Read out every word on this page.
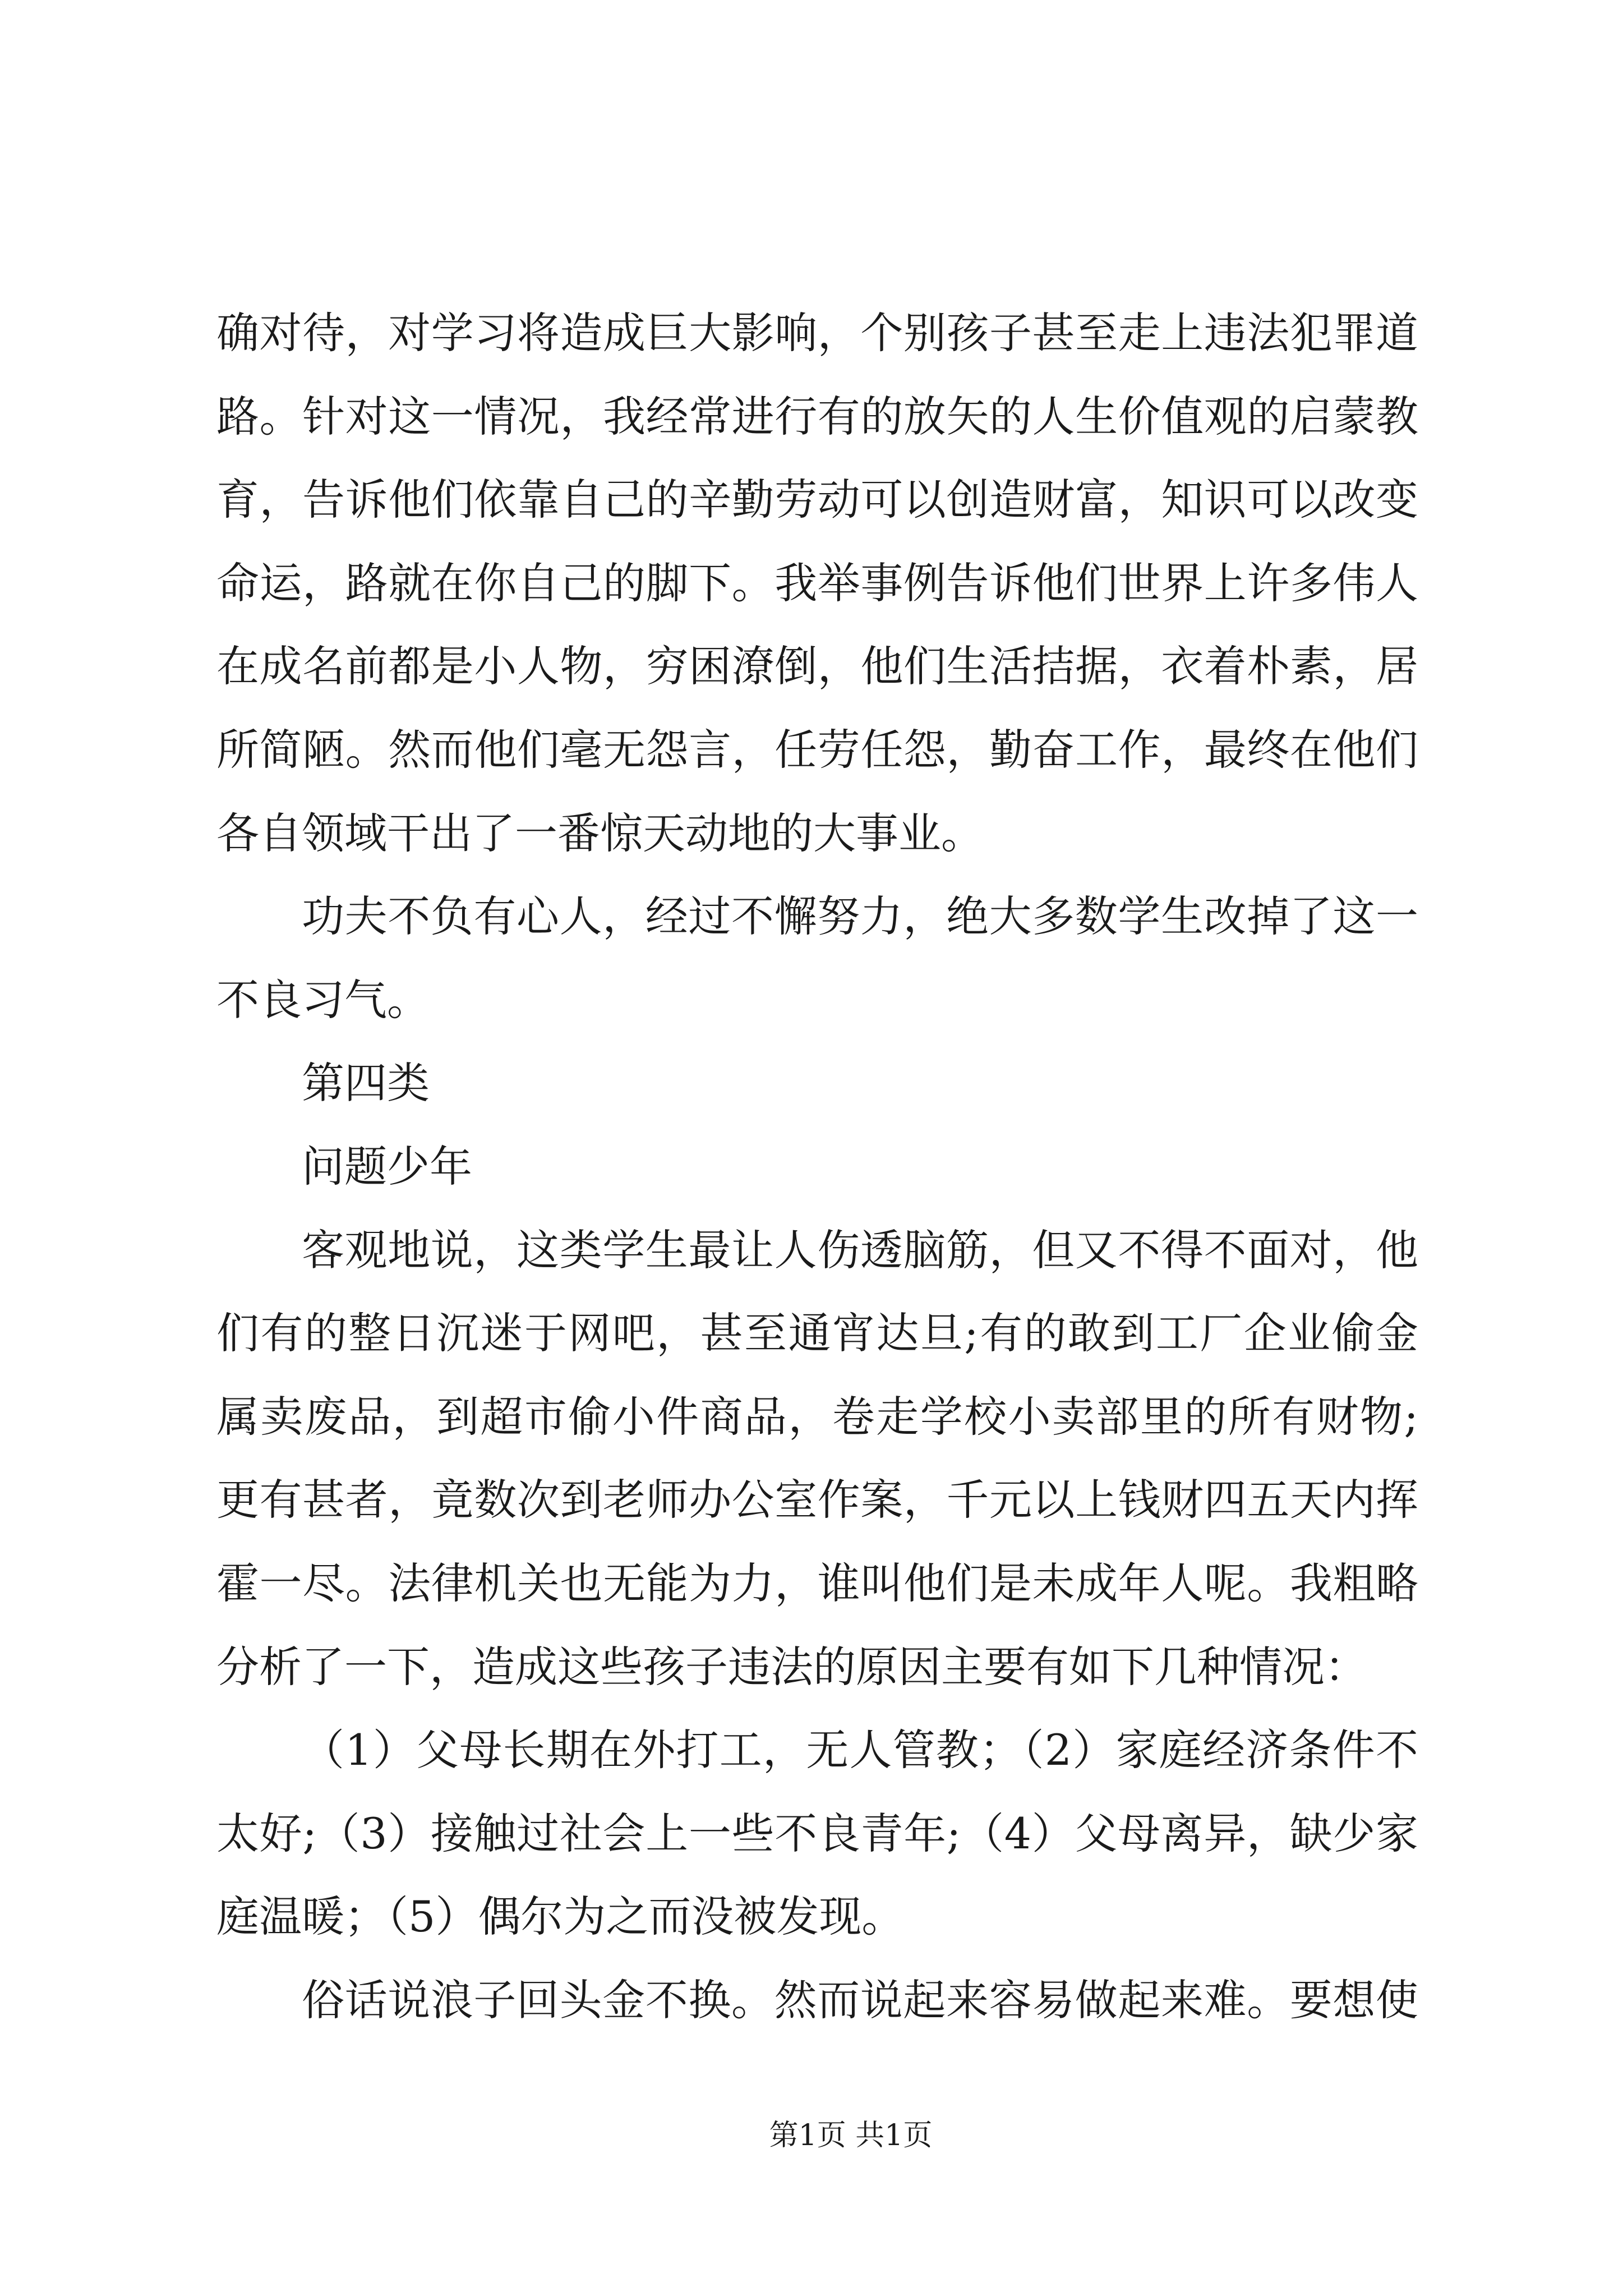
确对待，对学习将造成巨大影响，个别孩子甚至走上违法犯罪道
路。针对这一情况，我经常进行有的放矢的人生价值观的启蒙教
育，告诉他们依靠自己的辛勤劳动可以创造财富，知识可以改变
命运，路就在你自己的脚下。我举事例告诉他们世界上许多伟人
在成名前都是小人物，穷困潦倒，他们生活拮据，衣着朴素，居
所简陋。然而他们毫无怨言，任劳任怨，勤奋工作，最终在他们
各自领域干出了一番惊天动地的大事业。
功夫不负有心人，经过不懈努力，绝大多数学生改掉了这一
不良习气。
第四类
问题少年
客观地说，这类学生最让人伤透脑筋，但又不得不面对，他
们有的整日沉迷于网吧，甚至通宵达旦;有的敢到工厂企业偷金
属卖废品，到超市偷小件商品，卷走学校小卖部里的所有财物;
更有甚者，竟数次到老师办公室作案，千元以上钱财四五天内挥
霍一尽。法律机关也无能为力，谁叫他们是未成年人呢。我粗略
分析了一下，造成这些孩子违法的原因主要有如下几种情况：
（1）父母长期在外打工，无人管教；（2）家庭经济条件不
太好;（3）接触过社会上一些不良青年;（4）父母离异，缺少家
庭温暖；（5）偶尔为之而没被发现。
俗话说浪子回头金不换。然而说起来容易做起来难。要想使
第1页 共1页
